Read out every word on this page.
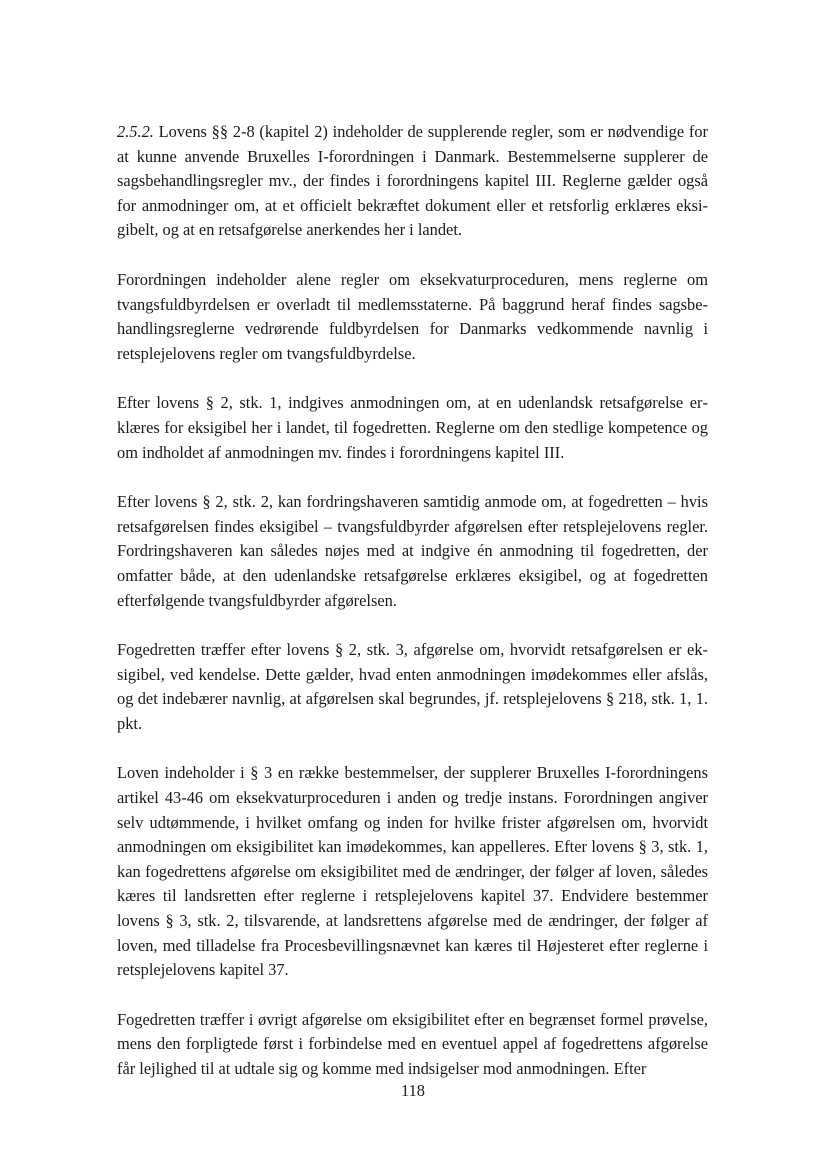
2.5.2. Lovens §§ 2-8 (kapitel 2) indeholder de supplerende regler, som er nødvendige for at kunne anvende Bruxelles I-forordningen i Danmark. Bestemmelserne supplerer de sagsbehandlingsregler mv., der findes i forordningens kapitel III. Reglerne gælder også for anmodninger om, at et officielt bekræftet dokument eller et retsforlig erklæres eksigibelt, og at en retsafgørelse anerkendes her i landet.

Forordningen indeholder alene regler om eksekvaturproceduren, mens reglerne om tvangsfuldbyrdelsen er overladt til medlemsstaterne. På baggrund heraf findes sagsbehandlingsreglerne vedrørende fuldbyrdelsen for Danmarks vedkommende navnlig i retsplejelovens regler om tvangsfuldbyrdelse.

Efter lovens § 2, stk. 1, indgives anmodningen om, at en udenlandsk retsafgørelse erklæres for eksigibel her i landet, til fogedretten. Reglerne om den stedlige kompetence og om indholdet af anmodningen mv. findes i forordningens kapitel III.

Efter lovens § 2, stk. 2, kan fordringshaveren samtidig anmode om, at fogedretten – hvis retsafgørelsen findes eksigibel – tvangsfuldbyrder afgørelsen efter retsplejelovens regler. Fordringshaveren kan således nøjes med at indgive én anmodning til fogedretten, der omfatter både, at den udenlandske retsafgørelse erklæres eksigibel, og at fogedretten efterfølgende tvangsfuldbyrder afgørelsen.

Fogedretten træffer efter lovens § 2, stk. 3, afgørelse om, hvorvidt retsafgørelsen er eksigibel, ved kendelse. Dette gælder, hvad enten anmodningen imødekommes eller afslås, og det indebærer navnlig, at afgørelsen skal begrundes, jf. retsplejelovens § 218, stk. 1, 1. pkt.

Loven indeholder i § 3 en række bestemmelser, der supplerer Bruxelles I-forordningens artikel 43-46 om eksekvaturproceduren i anden og tredje instans. Forordningen angiver selv udtømmende, i hvilket omfang og inden for hvilke frister afgørelsen om, hvorvidt anmodningen om eksigibilitet kan imødekommes, kan appelleres. Efter lovens § 3, stk. 1, kan fogedrettens afgørelse om eksigibilitet med de ændringer, der følger af loven, således kæres til landsretten efter reglerne i retsplejelovens kapitel 37. Endvidere bestemmer lovens § 3, stk. 2, tilsvarende, at landsrettens afgørelse med de ændringer, der følger af loven, med tilladelse fra Procesbevillingsnævnet kan kæres til Højesteret efter reglerne i retsplejelovens kapitel 37.

Fogedretten træffer i øvrigt afgørelse om eksigibilitet efter en begrænset formel prøvelse, mens den forpligtede først i forbindelse med en eventuel appel af fogedrettens afgørelse får lejlighed til at udtale sig og komme med indsigelser mod anmodningen. Efter

118
